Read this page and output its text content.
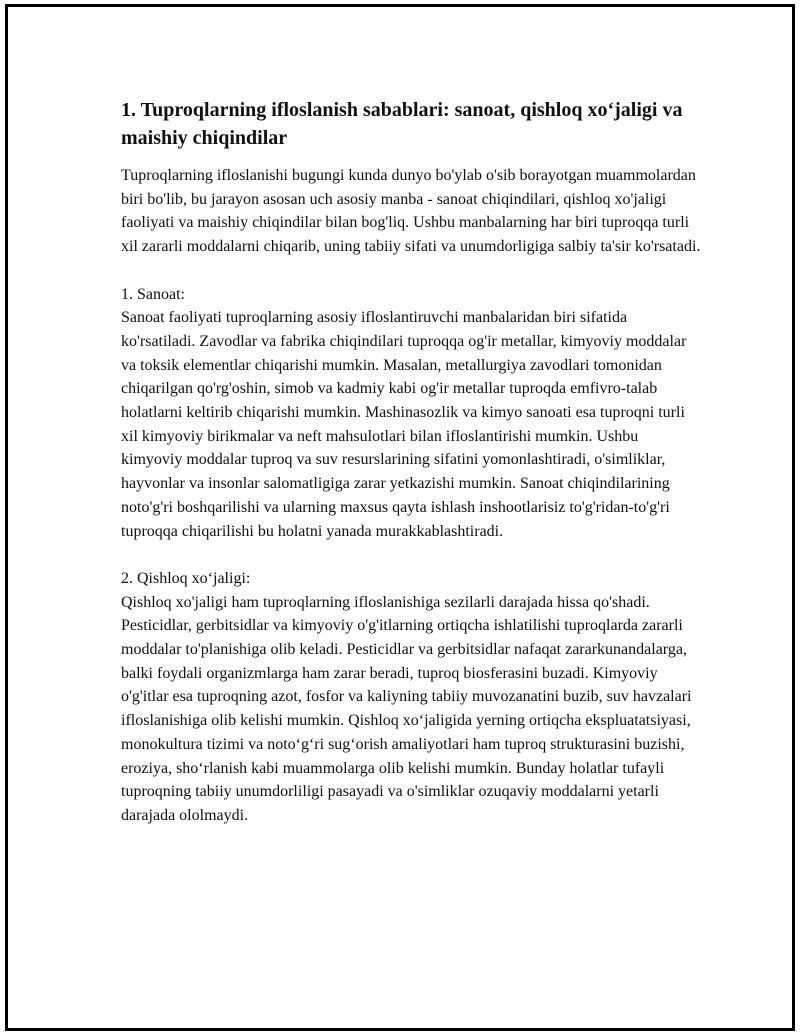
1. Tuproqlarning ifloslanish sabablari: sanoat, qishloq xo‘jaligi va maishiy chiqindilar

Tuproqlarning ifloslanishi bugungi kunda dunyo bo'ylab o'sib borayotgan muammolardan biri bo'lib, bu jarayon asosan uch asosiy manba - sanoat chiqindilari, qishloq xo'jaligi faoliyati va maishiy chiqindilar bilan bog'liq. Ushbu manbalarning har biri tuproqqa turli xil zararli moddalarni chiqarib, uning tabiiy sifati va unumdorligiga salbiy ta'sir ko'rsatadi.

1. Sanoat:

Sanoat faoliyati tuproqlarning asosiy ifloslantiruvchi manbalaridan biri sifatida ko'rsatiladi. Zavodlar va fabrika chiqindilari tuproqqa og'ir metallar, kimyoviy moddalar va toksik elementlar chiqarishi mumkin. Masalan, metallurgiya zavodlari tomonidan chiqarilgan qo'rg'oshin, simob va kadmiy kabi og'ir metallar tuproqda emfivro-talab holatlarni keltirib chiqarishi mumkin. Mashinasozlik va kimyo sanoati esa tuproqni turli xil kimyoviy birikmalar va neft mahsulotlari bilan ifloslantirishi mumkin. Ushbu kimyoviy moddalar tuproq va suv resurslarining sifatini yomonlashtiradi, o'simliklar, hayvonlar va insonlar salomatligiga zarar yetkazishi mumkin. Sanoat chiqindilarining noto'g'ri boshqarilishi va ularning maxsus qayta ishlash inshootlarisiz to'g'ridan-to'g'ri tuproqqa chiqarilishi bu holatni yanada murakkablashtiradi.

2. Qishloq xo‘jaligi:

Qishloq xo'jaligi ham tuproqlarning ifloslanishiga sezilarli darajada hissa qo'shadi. Pesticidlar, gerbitsidlar va kimyoviy o'g'itlarning ortiqcha ishlatilishi tuproqlarda zararli moddalar to'planishiga olib keladi. Pesticidlar va gerbitsidlar nafaqat zararkunandalarga, balki foydali organizmlarga ham zarar beradi, tuproq biosferasini buzadi. Kimyoviy o'g'itlar esa tuproqning azot, fosfor va kaliyning tabiiy muvozanatini buzib, suv havzalari ifloslanishiga olib kelishi mumkin. Qishloq xo‘jaligida yerning ortiqcha ekspluatatsiyasi, monokultura tizimi va noto‘g‘ri sug‘orish amaliyotlari ham tuproq strukturasini buzishi, eroziya, sho‘rlanish kabi muammolarga olib kelishi mumkin. Bunday holatlar tufayli tuproqning tabiiy unumdorliligi pasayadi va o'simliklar ozuqaviy moddalarni yetarli darajada ololmaydi.
